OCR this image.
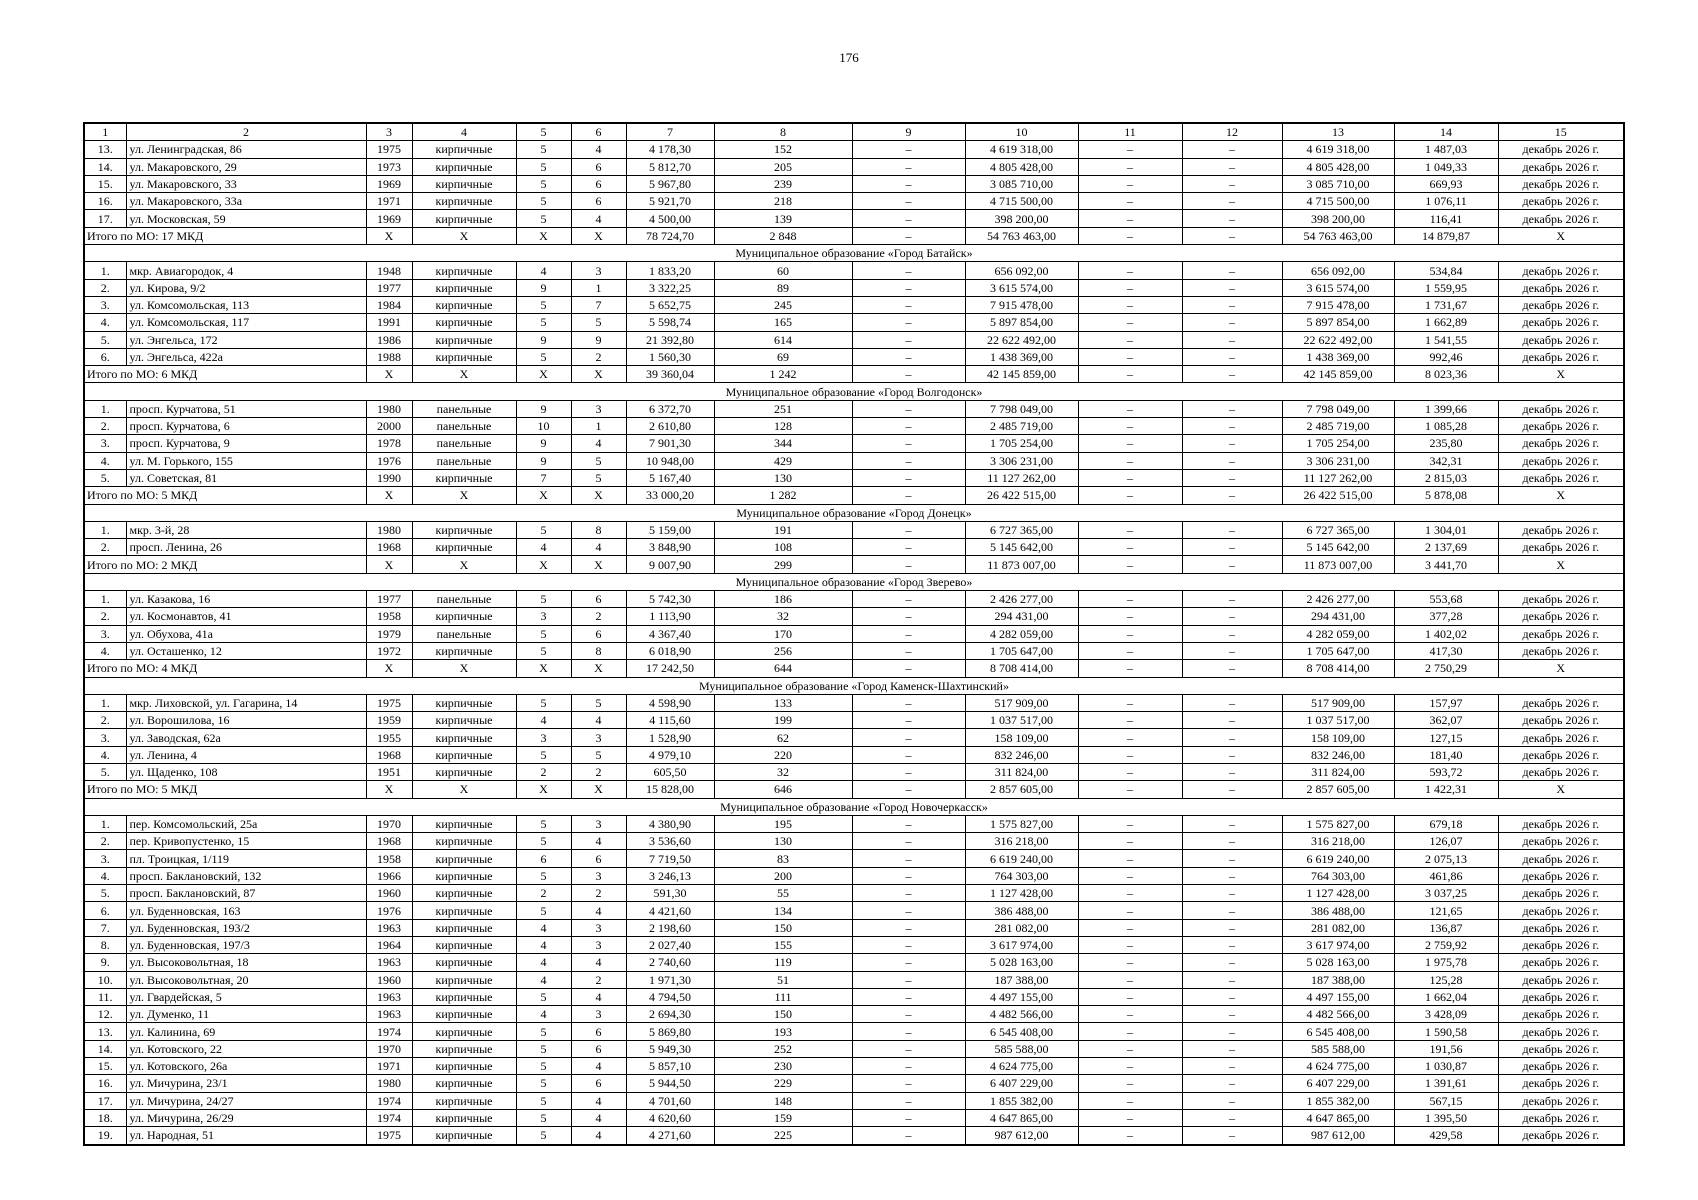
176
1	2	3	4	5	6	7	8	9	10	11	12	13	14	15
13.	ул. Ленинградская, 86	1975	кирпичные	5	4	4 178,30	152	–	4 619 318,00	–	–	4 619 318,00	1 487,03	декабрь 2026 г.
14.	ул. Макаровского, 29	1973	кирпичные	5	6	5 812,70	205	–	4 805 428,00	–	–	4 805 428,00	1 049,33	декабрь 2026 г.
15.	ул. Макаровского, 33	1969	кирпичные	5	6	5 967,80	239	–	3 085 710,00	–	–	3 085 710,00	669,93	декабрь 2026 г.
16.	ул. Макаровского, 33а	1971	кирпичные	5	6	5 921,70	218	–	4 715 500,00	–	–	4 715 500,00	1 076,11	декабрь 2026 г.
17.	ул. Московская, 59	1969	кирпичные	5	4	4 500,00	139	–	398 200,00	–	–	398 200,00	116,41	декабрь 2026 г.
Итого по МО: 17 МКД		Х	Х	Х	Х	78 724,70	2 848	–	54 763 463,00	–	–	54 763 463,00	14 879,87	Х
Муниципальное образование «Город Батайск»														
1.	мкр. Авиагородок, 4	1948	кирпичные	4	3	1 833,20	60	–	656 092,00	–	–	656 092,00	534,84	декабрь 2026 г.
2.	ул. Кирова, 9/2	1977	кирпичные	9	1	3 322,25	89	–	3 615 574,00	–	–	3 615 574,00	1 559,95	декабрь 2026 г.
3.	ул. Комсомольская, 113	1984	кирпичные	5	7	5 652,75	245	–	7 915 478,00	–	–	7 915 478,00	1 731,67	декабрь 2026 г.
4.	ул. Комсомольская, 117	1991	кирпичные	5	5	5 598,74	165	–	5 897 854,00	–	–	5 897 854,00	1 662,89	декабрь 2026 г.
5.	ул. Энгельса, 172	1986	кирпичные	9	9	21 392,80	614	–	22 622 492,00	–	–	22 622 492,00	1 541,55	декабрь 2026 г.
6.	ул. Энгельса, 422а	1988	кирпичные	5	2	1 560,30	69	–	1 438 369,00	–	–	1 438 369,00	992,46	декабрь 2026 г.
Итого по МО: 6 МКД		Х	Х	Х	Х	39 360,04	1 242	–	42 145 859,00	–	–	42 145 859,00	8 023,36	Х
Муниципальное образование «Город Волгодонск»														
1.	просп. Курчатова, 51	1980	панельные	9	3	6 372,70	251	–	7 798 049,00	–	–	7 798 049,00	1 399,66	декабрь 2026 г.
2.	просп. Курчатова, 6	2000	панельные	10	1	2 610,80	128	–	2 485 719,00	–	–	2 485 719,00	1 085,28	декабрь 2026 г.
3.	просп. Курчатова, 9	1978	панельные	9	4	7 901,30	344	–	1 705 254,00	–	–	1 705 254,00	235,80	декабрь 2026 г.
4.	ул. М. Горького, 155	1976	панельные	9	5	10 948,00	429	–	3 306 231,00	–	–	3 306 231,00	342,31	декабрь 2026 г.
5.	ул. Советская, 81	1990	кирпичные	7	5	5 167,40	130	–	11 127 262,00	–	–	11 127 262,00	2 815,03	декабрь 2026 г.
Итого по МО: 5 МКД		Х	Х	Х	Х	33 000,20	1 282	–	26 422 515,00	–	–	26 422 515,00	5 878,08	Х
Муниципальное образование «Город Донецк»														
1.	мкр. 3-й, 28	1980	кирпичные	5	8	5 159,00	191	–	6 727 365,00	–	–	6 727 365,00	1 304,01	декабрь 2026 г.
2.	просп. Ленина, 26	1968	кирпичные	4	4	3 848,90	108	–	5 145 642,00	–	–	5 145 642,00	2 137,69	декабрь 2026 г.
Итого по МО: 2 МКД		Х	Х	Х	Х	9 007,90	299	–	11 873 007,00	–	–	11 873 007,00	3 441,70	Х
Муниципальное образование «Город Зверево»														
1.	ул. Казакова, 16	1977	панельные	5	6	5 742,30	186	–	2 426 277,00	–	–	2 426 277,00	553,68	декабрь 2026 г.
2.	ул. Космонавтов, 41	1958	кирпичные	3	2	1 113,90	32	–	294 431,00	–	–	294 431,00	377,28	декабрь 2026 г.
3.	ул. Обухова, 41а	1979	панельные	5	6	4 367,40	170	–	4 282 059,00	–	–	4 282 059,00	1 402,02	декабрь 2026 г.
4.	ул. Осташенко, 12	1972	кирпичные	5	8	6 018,90	256	–	1 705 647,00	–	–	1 705 647,00	417,30	декабрь 2026 г.
Итого по МО: 4 МКД		Х	Х	Х	Х	17 242,50	644	–	8 708 414,00	–	–	8 708 414,00	2 750,29	Х
Муниципальное образование «Город Каменск-Шахтинский»														
1.	мкр. Лиховской, ул. Гагарина, 14	1975	кирпичные	5	5	4 598,90	133	–	517 909,00	–	–	517 909,00	157,97	декабрь 2026 г.
2.	ул. Ворошилова, 16	1959	кирпичные	4	4	4 115,60	199	–	1 037 517,00	–	–	1 037 517,00	362,07	декабрь 2026 г.
3.	ул. Заводская, 62а	1955	кирпичные	3	3	1 528,90	62	–	158 109,00	–	–	158 109,00	127,15	декабрь 2026 г.
4.	ул. Ленина, 4	1968	кирпичные	5	5	4 979,10	220	–	832 246,00	–	–	832 246,00	181,40	декабрь 2026 г.
5.	ул. Щаденко, 108	1951	кирпичные	2	2	605,50	32	–	311 824,00	–	–	311 824,00	593,72	декабрь 2026 г.
Итого по МО: 5 МКД		Х	Х	Х	Х	15 828,00	646	–	2 857 605,00	–	–	2 857 605,00	1 422,31	Х
Муниципальное образование «Город Новочеркасск»														
1.	пер. Комсомольский, 25а	1970	кирпичные	5	3	4 380,90	195	–	1 575 827,00	–	–	1 575 827,00	679,18	декабрь 2026 г.
2.	пер. Кривопустенко, 15	1968	кирпичные	5	4	3 536,60	130	–	316 218,00	–	–	316 218,00	126,07	декабрь 2026 г.
3.	пл. Троицкая, 1/119	1958	кирпичные	6	6	7 719,50	83	–	6 619 240,00	–	–	6 619 240,00	2 075,13	декабрь 2026 г.
4.	просп. Баклановский, 132	1966	кирпичные	5	3	3 246,13	200	–	764 303,00	–	–	764 303,00	461,86	декабрь 2026 г.
5.	просп. Баклановский, 87	1960	кирпичные	2	2	591,30	55	–	1 127 428,00	–	–	1 127 428,00	3 037,25	декабрь 2026 г.
6.	ул. Буденновская, 163	1976	кирпичные	5	4	4 421,60	134	–	386 488,00	–	–	386 488,00	121,65	декабрь 2026 г.
7.	ул. Буденновская, 193/2	1963	кирпичные	4	3	2 198,60	150	–	281 082,00	–	–	281 082,00	136,87	декабрь 2026 г.
8.	ул. Буденновская, 197/3	1964	кирпичные	4	3	2 027,40	155	–	3 617 974,00	–	–	3 617 974,00	2 759,92	декабрь 2026 г.
9.	ул. Высоковольтная, 18	1963	кирпичные	4	4	2 740,60	119	–	5 028 163,00	–	–	5 028 163,00	1 975,78	декабрь 2026 г.
10.	ул. Высоковольтная, 20	1960	кирпичные	4	2	1 971,30	51	–	187 388,00	–	–	187 388,00	125,28	декабрь 2026 г.
11.	ул. Гвардейская, 5	1963	кирпичные	5	4	4 794,50	111	–	4 497 155,00	–	–	4 497 155,00	1 662,04	декабрь 2026 г.
12.	ул. Думенко, 11	1963	кирпичные	4	3	2 694,30	150	–	4 482 566,00	–	–	4 482 566,00	3 428,09	декабрь 2026 г.
13.	ул. Калинина, 69	1974	кирпичные	5	6	5 869,80	193	–	6 545 408,00	–	–	6 545 408,00	1 590,58	декабрь 2026 г.
14.	ул. Котовского, 22	1970	кирпичные	5	6	5 949,30	252	–	585 588,00	–	–	585 588,00	191,56	декабрь 2026 г.
15.	ул. Котовского, 26а	1971	кирпичные	5	4	5 857,10	230	–	4 624 775,00	–	–	4 624 775,00	1 030,87	декабрь 2026 г.
16.	ул. Мичурина, 23/1	1980	кирпичные	5	6	5 944,50	229	–	6 407 229,00	–	–	6 407 229,00	1 391,61	декабрь 2026 г.
17.	ул. Мичурина, 24/27	1974	кирпичные	5	4	4 701,60	148	–	1 855 382,00	–	–	1 855 382,00	567,15	декабрь 2026 г.
18.	ул. Мичурина, 26/29	1974	кирпичные	5	4	4 620,60	159	–	4 647 865,00	–	–	4 647 865,00	1 395,50	декабрь 2026 г.
19.	ул. Народная, 51	1975	кирпичные	5	4	4 271,60	225	–	987 612,00	–	–	987 612,00	429,58	декабрь 2026 г.
